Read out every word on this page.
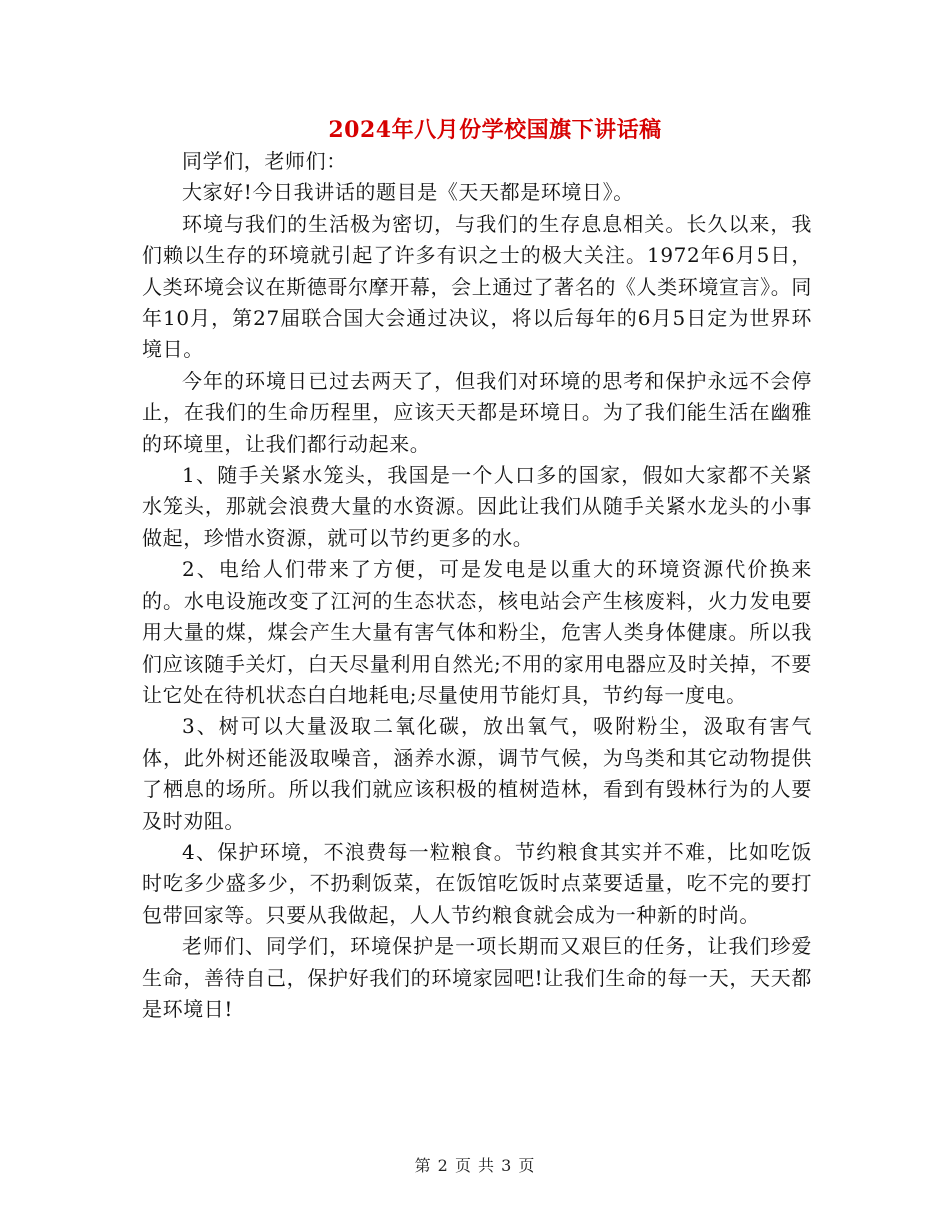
2024年八月份学校国旗下讲话稿

同学们，老师们：

大家好!今日我讲话的题目是《天天都是环境日》。

环境与我们的生活极为密切，与我们的生存息息相关。长久以来，我们赖以生存的环境就引起了许多有识之士的极大关注。1972年6月5日，人类环境会议在斯德哥尔摩开幕，会上通过了著名的《人类环境宣言》。同年10月，第27届联合国大会通过决议，将以后每年的6月5日定为世界环境日。

今年的环境日已过去两天了，但我们对环境的思考和保护永远不会停止，在我们的生命历程里，应该天天都是环境日。为了我们能生活在幽雅的环境里，让我们都行动起来。

1、随手关紧水笼头，我国是一个人口多的国家，假如大家都不关紧水笼头，那就会浪费大量的水资源。因此让我们从随手关紧水龙头的小事做起，珍惜水资源，就可以节约更多的水。

2、电给人们带来了方便，可是发电是以重大的环境资源代价换来的。水电设施改变了江河的生态状态，核电站会产生核废料，火力发电要用大量的煤，煤会产生大量有害气体和粉尘，危害人类身体健康。所以我们应该随手关灯，白天尽量利用自然光;不用的家用电器应及时关掉，不要让它处在待机状态白白地耗电;尽量使用节能灯具，节约每一度电。

3、树可以大量汲取二氧化碳，放出氧气，吸附粉尘，汲取有害气体，此外树还能汲取噪音，涵养水源，调节气候，为鸟类和其它动物提供了栖息的场所。所以我们就应该积极的植树造林，看到有毁林行为的人要及时劝阻。

4、保护环境，不浪费每一粒粮食。节约粮食其实并不难，比如吃饭时吃多少盛多少，不扔剩饭菜，在饭馆吃饭时点菜要适量，吃不完的要打包带回家等。只要从我做起，人人节约粮食就会成为一种新的时尚。

老师们、同学们，环境保护是一项长期而又艰巨的任务，让我们珍爱生命，善待自己，保护好我们的环境家园吧!让我们生命的每一天，天天都是环境日!

第 2 页 共 3 页
